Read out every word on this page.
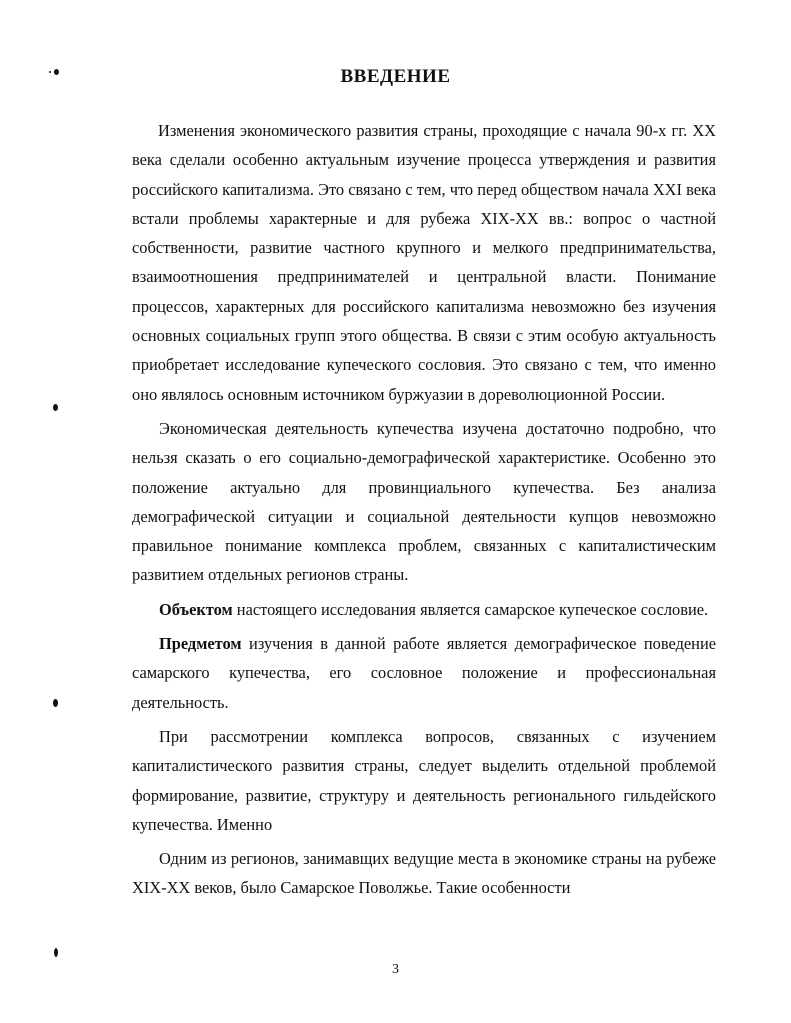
ВВЕДЕНИЕ

Изменения экономического развития страны, проходящие с начала 90-х гг. XX века сделали особенно актуальным изучение процесса утверждения и развития российского капитализма. Это связано с тем, что перед обществом начала XXI века встали проблемы характерные и для рубежа XIX-XX вв.: вопрос о частной собственности, развитие частного крупного и мелкого предпринимательства, взаимоотношения предпринимателей и центральной власти. Понимание процессов, характерных для российского капитализма невозможно без изучения основных социальных групп этого общества. В связи с этим особую актуальность приобретает исследование купеческого сословия. Это связано с тем, что именно оно являлось основным источником буржуазии в дореволюционной России.

Экономическая деятельность купечества изучена достаточно подробно, что нельзя сказать о его социально-демографической характеристике. Особенно это положение актуально для провинциального купечества. Без анализа демографической ситуации и социальной деятельности купцов невозможно правильное понимание комплекса проблем, связанных с капиталистическим развитием отдельных регионов страны.

Объектом настоящего исследования является самарское купеческое сословие.

Предметом изучения в данной работе является демографическое поведение самарского купечества, его сословное положение и профессиональная деятельность.

При рассмотрении комплекса вопросов, связанных с изучением капиталистического развития страны, следует выделить отдельной проблемой формирование, развитие, структуру и деятельность регионального гильдейского купечества. Именно

Одним из регионов, занимавщих ведущие места в экономике страны на рубеже XIX-XX веков, было Самарское Поволжье. Такие особенности

3
